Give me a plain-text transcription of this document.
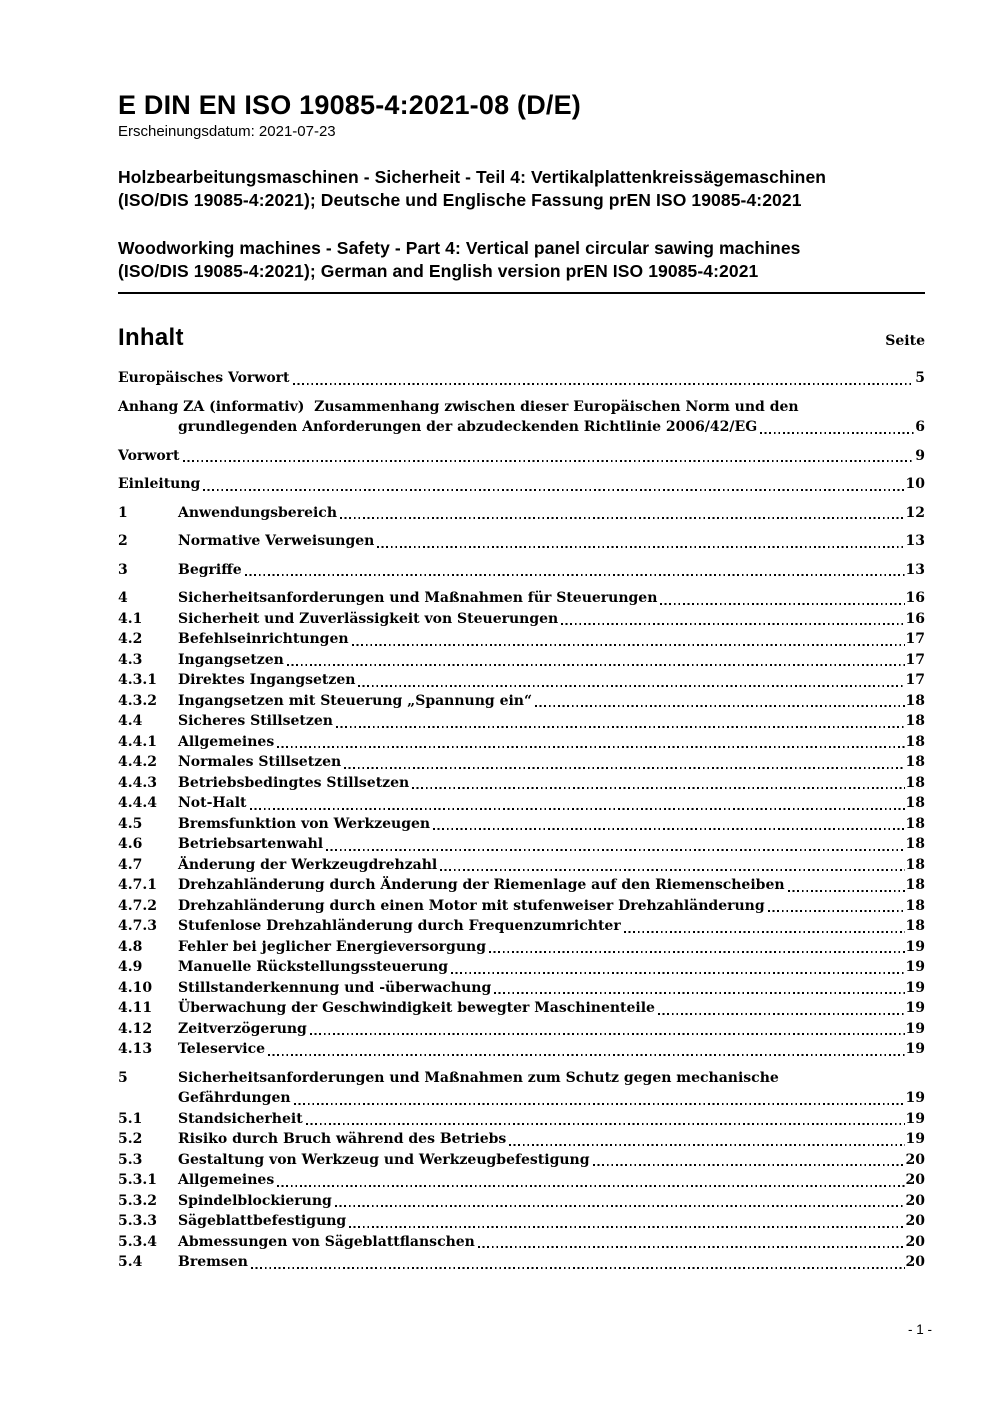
E DIN EN ISO 19085-4:2021-08 (D/E)
Erscheinungsdatum: 2021-07-23
Holzbearbeitungsmaschinen - Sicherheit - Teil 4: Vertikalplattenkreissägemaschinen
(ISO/DIS 19085-4:2021); Deutsche und Englische Fassung prEN ISO 19085-4:2021
Woodworking machines - Safety - Part 4: Vertical panel circular sawing machines
(ISO/DIS 19085-4:2021); German and English version prEN ISO 19085-4:2021
Inhalt	Seite
Europäisches Vorwort	5
Anhang ZA (informativ)  Zusammenhang zwischen dieser Europäischen Norm und den
grundlegenden Anforderungen der abzudeckenden Richtlinie 2006/42/EG	6
Vorwort	9
Einleitung	10
1	Anwendungsbereich	12
2	Normative Verweisungen	13
3	Begriffe	13
4	Sicherheitsanforderungen und Maßnahmen für Steuerungen	16
4.1	Sicherheit und Zuverlässigkeit von Steuerungen	16
4.2	Befehlseinrichtungen	17
4.3	Ingangsetzen	17
4.3.1	Direktes Ingangsetzen	17
4.3.2	Ingangsetzen mit Steuerung „Spannung ein“	18
4.4	Sicheres Stillsetzen	18
4.4.1	Allgemeines	18
4.4.2	Normales Stillsetzen	18
4.4.3	Betriebsbedingtes Stillsetzen	18
4.4.4	Not-Halt	18
4.5	Bremsfunktion von Werkzeugen	18
4.6	Betriebsartenwahl	18
4.7	Änderung der Werkzeugdrehzahl	18
4.7.1	Drehzahländerung durch Änderung der Riemenlage auf den Riemenscheiben	18
4.7.2	Drehzahländerung durch einen Motor mit stufenweiser Drehzahländerung	18
4.7.3	Stufenlose Drehzahländerung durch Frequenzumrichter	18
4.8	Fehler bei jeglicher Energieversorgung	19
4.9	Manuelle Rückstellungssteuerung	19
4.10	Stillstanderkennung und -überwachung	19
4.11	Überwachung der Geschwindigkeit bewegter Maschinenteile	19
4.12	Zeitverzögerung	19
4.13	Teleservice	19
5	Sicherheitsanforderungen und Maßnahmen zum Schutz gegen mechanische
Gefährdungen	19
5.1	Standsicherheit	19
5.2	Risiko durch Bruch während des Betriebs	19
5.3	Gestaltung von Werkzeug und Werkzeugbefestigung	20
5.3.1	Allgemeines	20
5.3.2	Spindelblockierung	20
5.3.3	Sägeblattbefestigung	20
5.3.4	Abmessungen von Sägeblattflanschen	20
5.4	Bremsen	20
- 1 -
